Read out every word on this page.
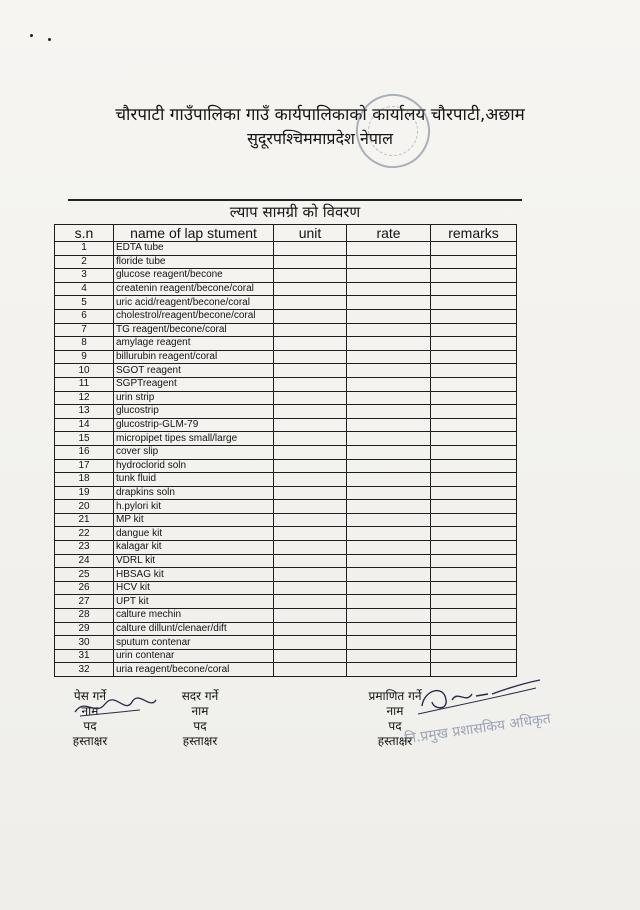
चौरपाटी गाउँपालिका गाउँ कार्यपालिकाको कार्यालय चौरपाटी,अछाम
सुदूरपश्चिममाप्रदेश नेपाल
ल्याप सामग्री को विवरण
s.n	name of lap stument	unit	rate	remarks
1	EDTA tube			
2	floride tube			
3	glucose reagent/becone			
4	createnin reagent/becone/coral			
5	uric acid/reagent/becone/coral			
6	cholestrol/reagent/becone/coral			
7	TG reagent/becone/coral			
8	amylage reagent			
9	billurubin reagent/coral			
10	SGOT reagent			
11	SGPTreagent			
12	urin strip			
13	glucostrip			
14	glucostrip-GLM-79			
15	micropipet tipes small/large			
16	cover slip			
17	hydroclorid soln			
18	tunk fluid			
19	drapkins soln			
20	h.pylori kit			
21	MP kit			
22	dangue kit			
23	kalagar kit			
24	VDRL kit			
25	HBSAG kit			
26	HCV kit			
27	UPT kit			
28	calture mechin			
29	calture dillunt/clenaer/dift			
30	sputum contenar			
31	urin contenar			
32	uria reagent/becone/coral			
पेस गर्ने
नाम
पद
हस्ताक्षर
सदर गर्ने
नाम
पद
हस्ताक्षर
प्रमाणित गर्ने
नाम
पद
हस्ताक्षर
नि.प्रमुख प्रशासकिय अधिकृत
